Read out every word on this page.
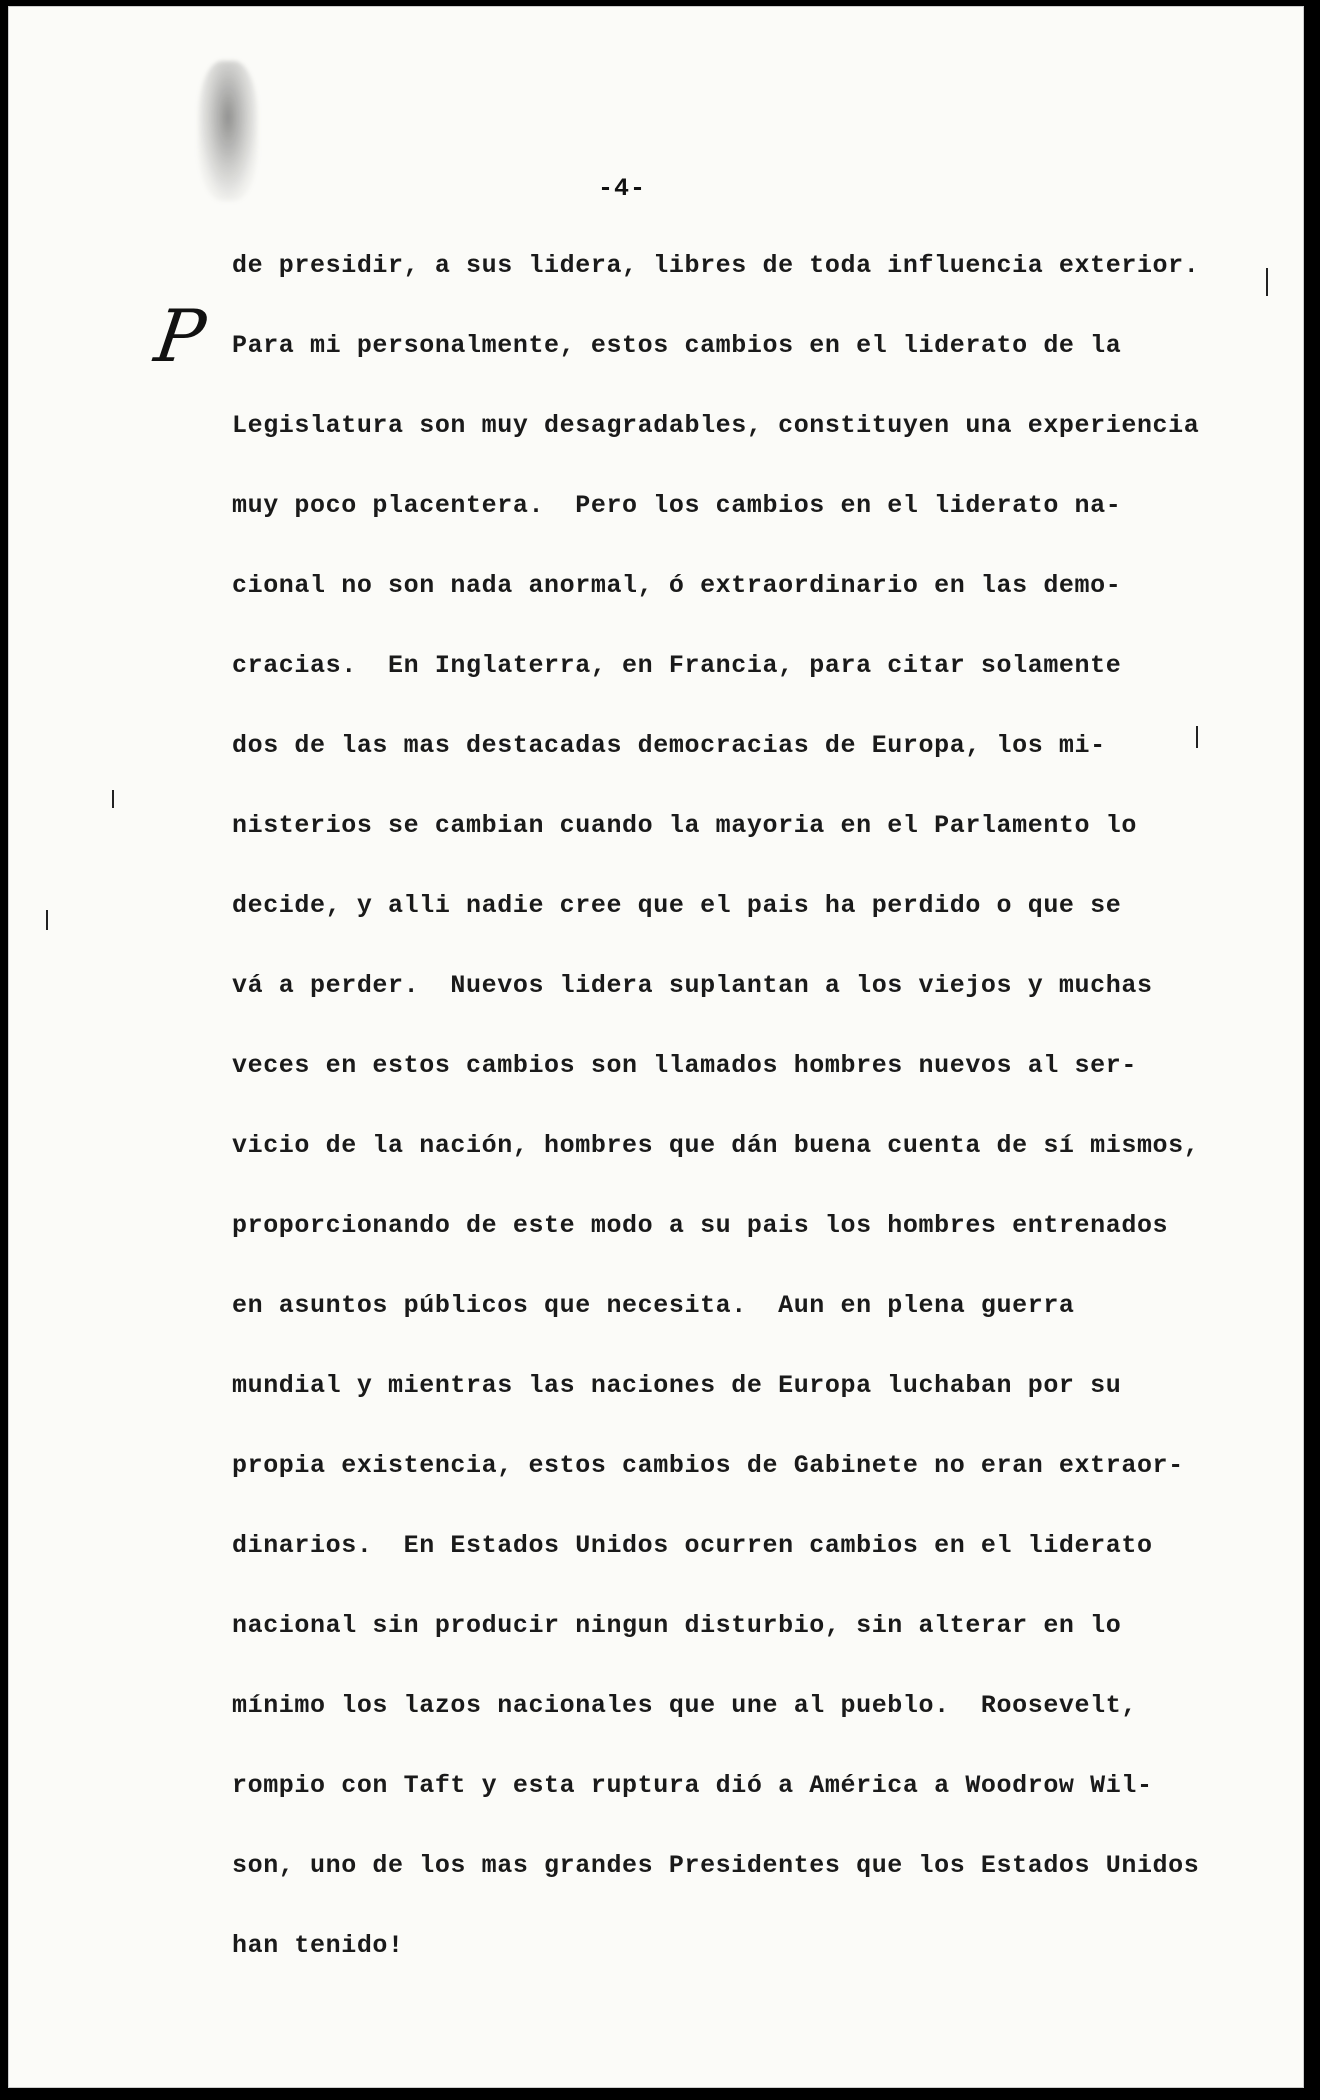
-4-
P
de presidir, a sus lidera, libres de toda influencia exterior.
Para mi personalmente, estos cambios en el liderato de la
Legislatura son muy desagradables, constituyen una experiencia
muy poco placentera.  Pero los cambios en el liderato na-
cional no son nada anormal, ó extraordinario en las demo-
cracias.  En Inglaterra, en Francia, para citar solamente
dos de las mas destacadas democracias de Europa, los mi-
nisterios se cambian cuando la mayoria en el Parlamento lo
decide, y alli nadie cree que el pais ha perdido o que se
vá a perder.  Nuevos lidera suplantan a los viejos y muchas
veces en estos cambios son llamados hombres nuevos al ser-
vicio de la nación, hombres que dán buena cuenta de sí mismos,
proporcionando de este modo a su pais los hombres entrenados
en asuntos públicos que necesita.  Aun en plena guerra
mundial y mientras las naciones de Europa luchaban por su
propia existencia, estos cambios de Gabinete no eran extraor-
dinarios.  En Estados Unidos ocurren cambios en el liderato
nacional sin producir ningun disturbio, sin alterar en lo
mínimo los lazos nacionales que une al pueblo.  Roosevelt,
rompio con Taft y esta ruptura dió a América a Woodrow Wil-
son, uno de los mas grandes Presidentes que los Estados Unidos
han tenido!
